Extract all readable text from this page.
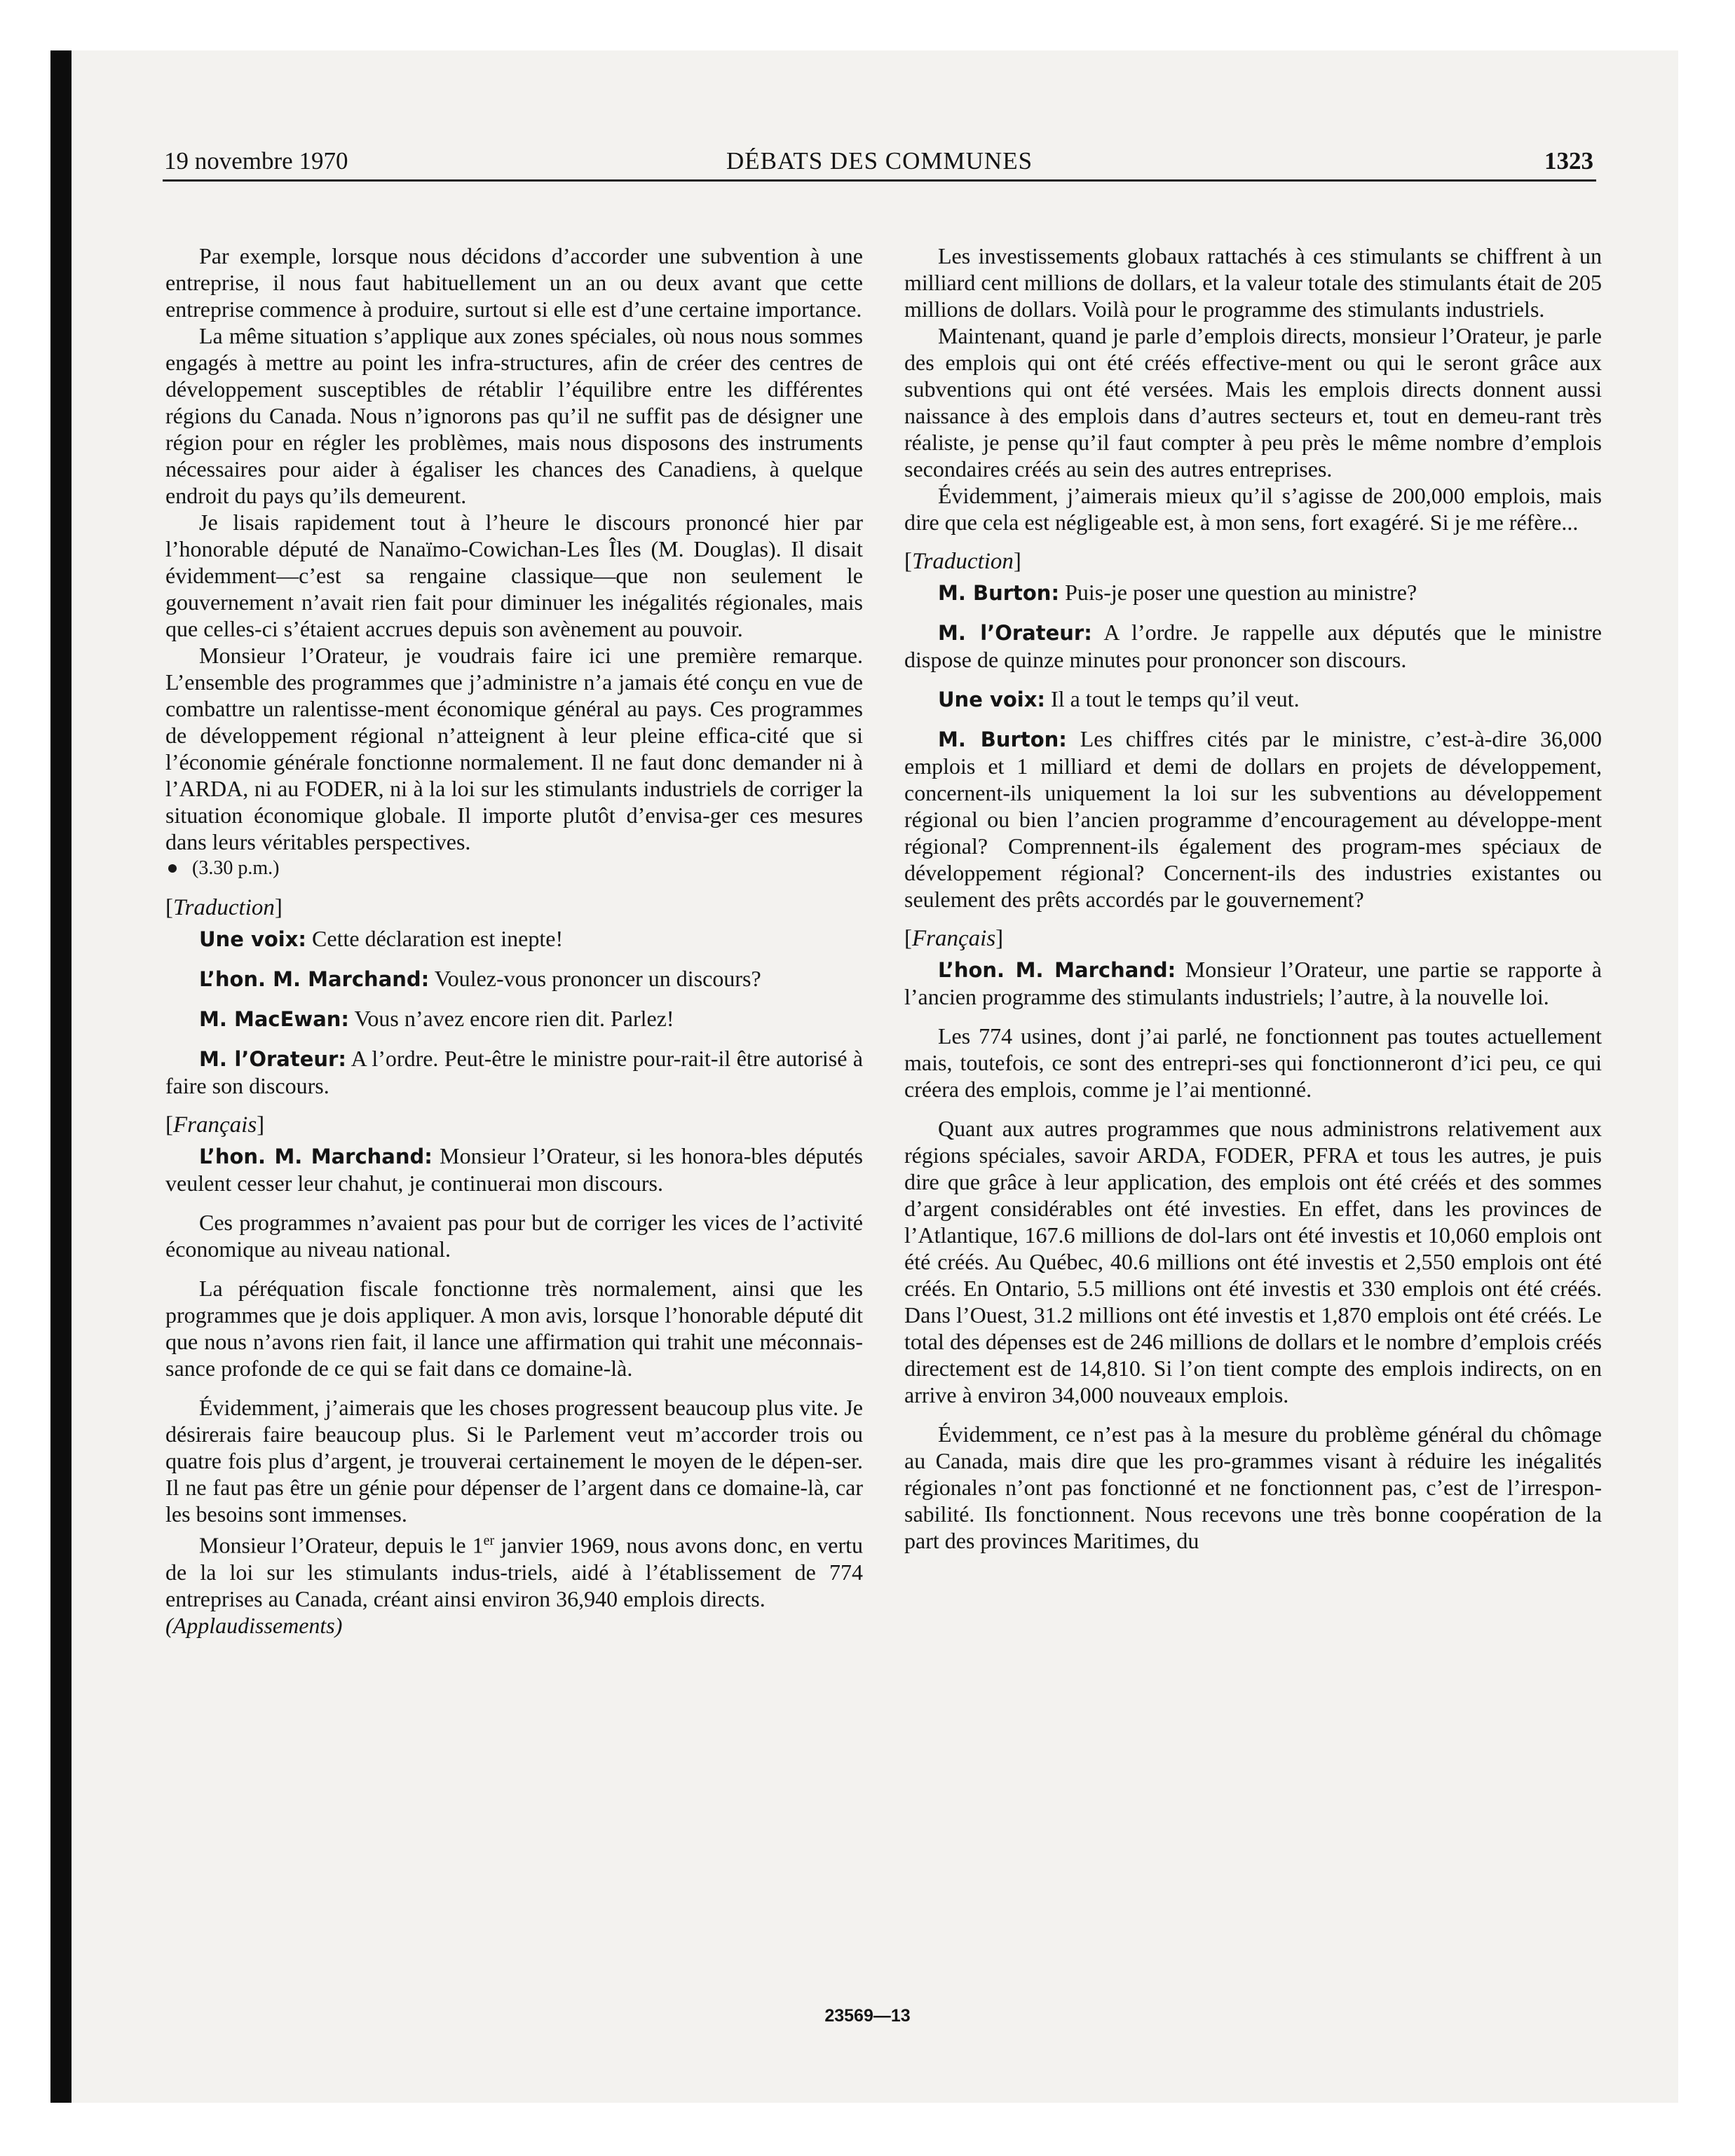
19 novembre 1970	DÉBATS DES COMMUNES	1323

Par exemple, lorsque nous décidons d’accorder une subvention à une entreprise, il nous faut habituellement un an ou deux avant que cette entreprise commence à produire, surtout si elle est d’une certaine importance.

La même situation s’applique aux zones spéciales, où nous nous sommes engagés à mettre au point les infra-structures, afin de créer des centres de développement susceptibles de rétablir l’équilibre entre les différentes régions du Canada. Nous n’ignorons pas qu’il ne suffit pas de désigner une région pour en régler les problèmes, mais nous disposons des instruments nécessaires pour aider à égaliser les chances des Canadiens, à quelque endroit du pays qu’ils demeurent.

Je lisais rapidement tout à l’heure le discours prononcé hier par l’honorable député de Nanaïmo-Cowichan-Les Îles (M. Douglas). Il disait évidemment—c’est sa rengaine classique—que non seulement le gouvernement n’avait rien fait pour diminuer les inégalités régionales, mais que celles-ci s’étaient accrues depuis son avènement au pouvoir.

Monsieur l’Orateur, je voudrais faire ici une première remarque. L’ensemble des programmes que j’administre n’a jamais été conçu en vue de combattre un ralentisse-ment économique général au pays. Ces programmes de développement régional n’atteignent à leur pleine effica-cité que si l’économie générale fonctionne normalement. Il ne faut donc demander ni à l’ARDA, ni au FODER, ni à la loi sur les stimulants industriels de corriger la situation économique globale. Il importe plutôt d’envisa-ger ces mesures dans leurs véritables perspectives.

(3.30 p.m.)

[Traduction]

Une voix: Cette déclaration est inepte!

L’hon. M. Marchand: Voulez-vous prononcer un discours?

M. MacEwan: Vous n’avez encore rien dit. Parlez!

M. l’Orateur: A l’ordre. Peut-être le ministre pour-rait-il être autorisé à faire son discours.

[Français]

L’hon. M. Marchand: Monsieur l’Orateur, si les honora-bles députés veulent cesser leur chahut, je continuerai mon discours.

Ces programmes n’avaient pas pour but de corriger les vices de l’activité économique au niveau national.

La péréquation fiscale fonctionne très normalement, ainsi que les programmes que je dois appliquer. A mon avis, lorsque l’honorable député dit que nous n’avons rien fait, il lance une affirmation qui trahit une méconnais-sance profonde de ce qui se fait dans ce domaine-là.

Évidemment, j’aimerais que les choses progressent beaucoup plus vite. Je désirerais faire beaucoup plus. Si le Parlement veut m’accorder trois ou quatre fois plus d’argent, je trouverai certainement le moyen de le dépen-ser. Il ne faut pas être un génie pour dépenser de l’argent dans ce domaine-là, car les besoins sont immenses.

Monsieur l’Orateur, depuis le 1er janvier 1969, nous avons donc, en vertu de la loi sur les stimulants indus-triels, aidé à l’établissement de 774 entreprises au Canada, créant ainsi environ 36,940 emplois directs.

(Applaudissements)

Les investissements globaux rattachés à ces stimulants se chiffrent à un milliard cent millions de dollars, et la valeur totale des stimulants était de 205 millions de dollars. Voilà pour le programme des stimulants industriels.

Maintenant, quand je parle d’emplois directs, monsieur l’Orateur, je parle des emplois qui ont été créés effective-ment ou qui le seront grâce aux subventions qui ont été versées. Mais les emplois directs donnent aussi naissance à des emplois dans d’autres secteurs et, tout en demeu-rant très réaliste, je pense qu’il faut compter à peu près le même nombre d’emplois secondaires créés au sein des autres entreprises.

Évidemment, j’aimerais mieux qu’il s’agisse de 200,000 emplois, mais dire que cela est négligeable est, à mon sens, fort exagéré. Si je me réfère...

[Traduction]

M. Burton: Puis-je poser une question au ministre?

M. l’Orateur: A l’ordre. Je rappelle aux députés que le ministre dispose de quinze minutes pour prononcer son discours.

Une voix: Il a tout le temps qu’il veut.

M. Burton: Les chiffres cités par le ministre, c’est-à-dire 36,000 emplois et 1 milliard et demi de dollars en projets de développement, concernent-ils uniquement la loi sur les subventions au développement régional ou bien l’ancien programme d’encouragement au développe-ment régional? Comprennent-ils également des program-mes spéciaux de développement régional? Concernent-ils des industries existantes ou seulement des prêts accordés par le gouvernement?

[Français]

L’hon. M. Marchand: Monsieur l’Orateur, une partie se rapporte à l’ancien programme des stimulants industriels; l’autre, à la nouvelle loi.

Les 774 usines, dont j’ai parlé, ne fonctionnent pas toutes actuellement mais, toutefois, ce sont des entrepri-ses qui fonctionneront d’ici peu, ce qui créera des emplois, comme je l’ai mentionné.

Quant aux autres programmes que nous administrons relativement aux régions spéciales, savoir ARDA, FODER, PFRA et tous les autres, je puis dire que grâce à leur application, des emplois ont été créés et des sommes d’argent considérables ont été investies. En effet, dans les provinces de l’Atlantique, 167.6 millions de dol-lars ont été investis et 10,060 emplois ont été créés. Au Québec, 40.6 millions ont été investis et 2,550 emplois ont été créés. En Ontario, 5.5 millions ont été investis et 330 emplois ont été créés. Dans l’Ouest, 31.2 millions ont été investis et 1,870 emplois ont été créés. Le total des dépenses est de 246 millions de dollars et le nombre d’emplois créés directement est de 14,810. Si l’on tient compte des emplois indirects, on en arrive à environ 34,000 nouveaux emplois.

Évidemment, ce n’est pas à la mesure du problème général du chômage au Canada, mais dire que les pro-grammes visant à réduire les inégalités régionales n’ont pas fonctionné et ne fonctionnent pas, c’est de l’irrespon-sabilité. Ils fonctionnent. Nous recevons une très bonne coopération de la part des provinces Maritimes, du

23569—13
